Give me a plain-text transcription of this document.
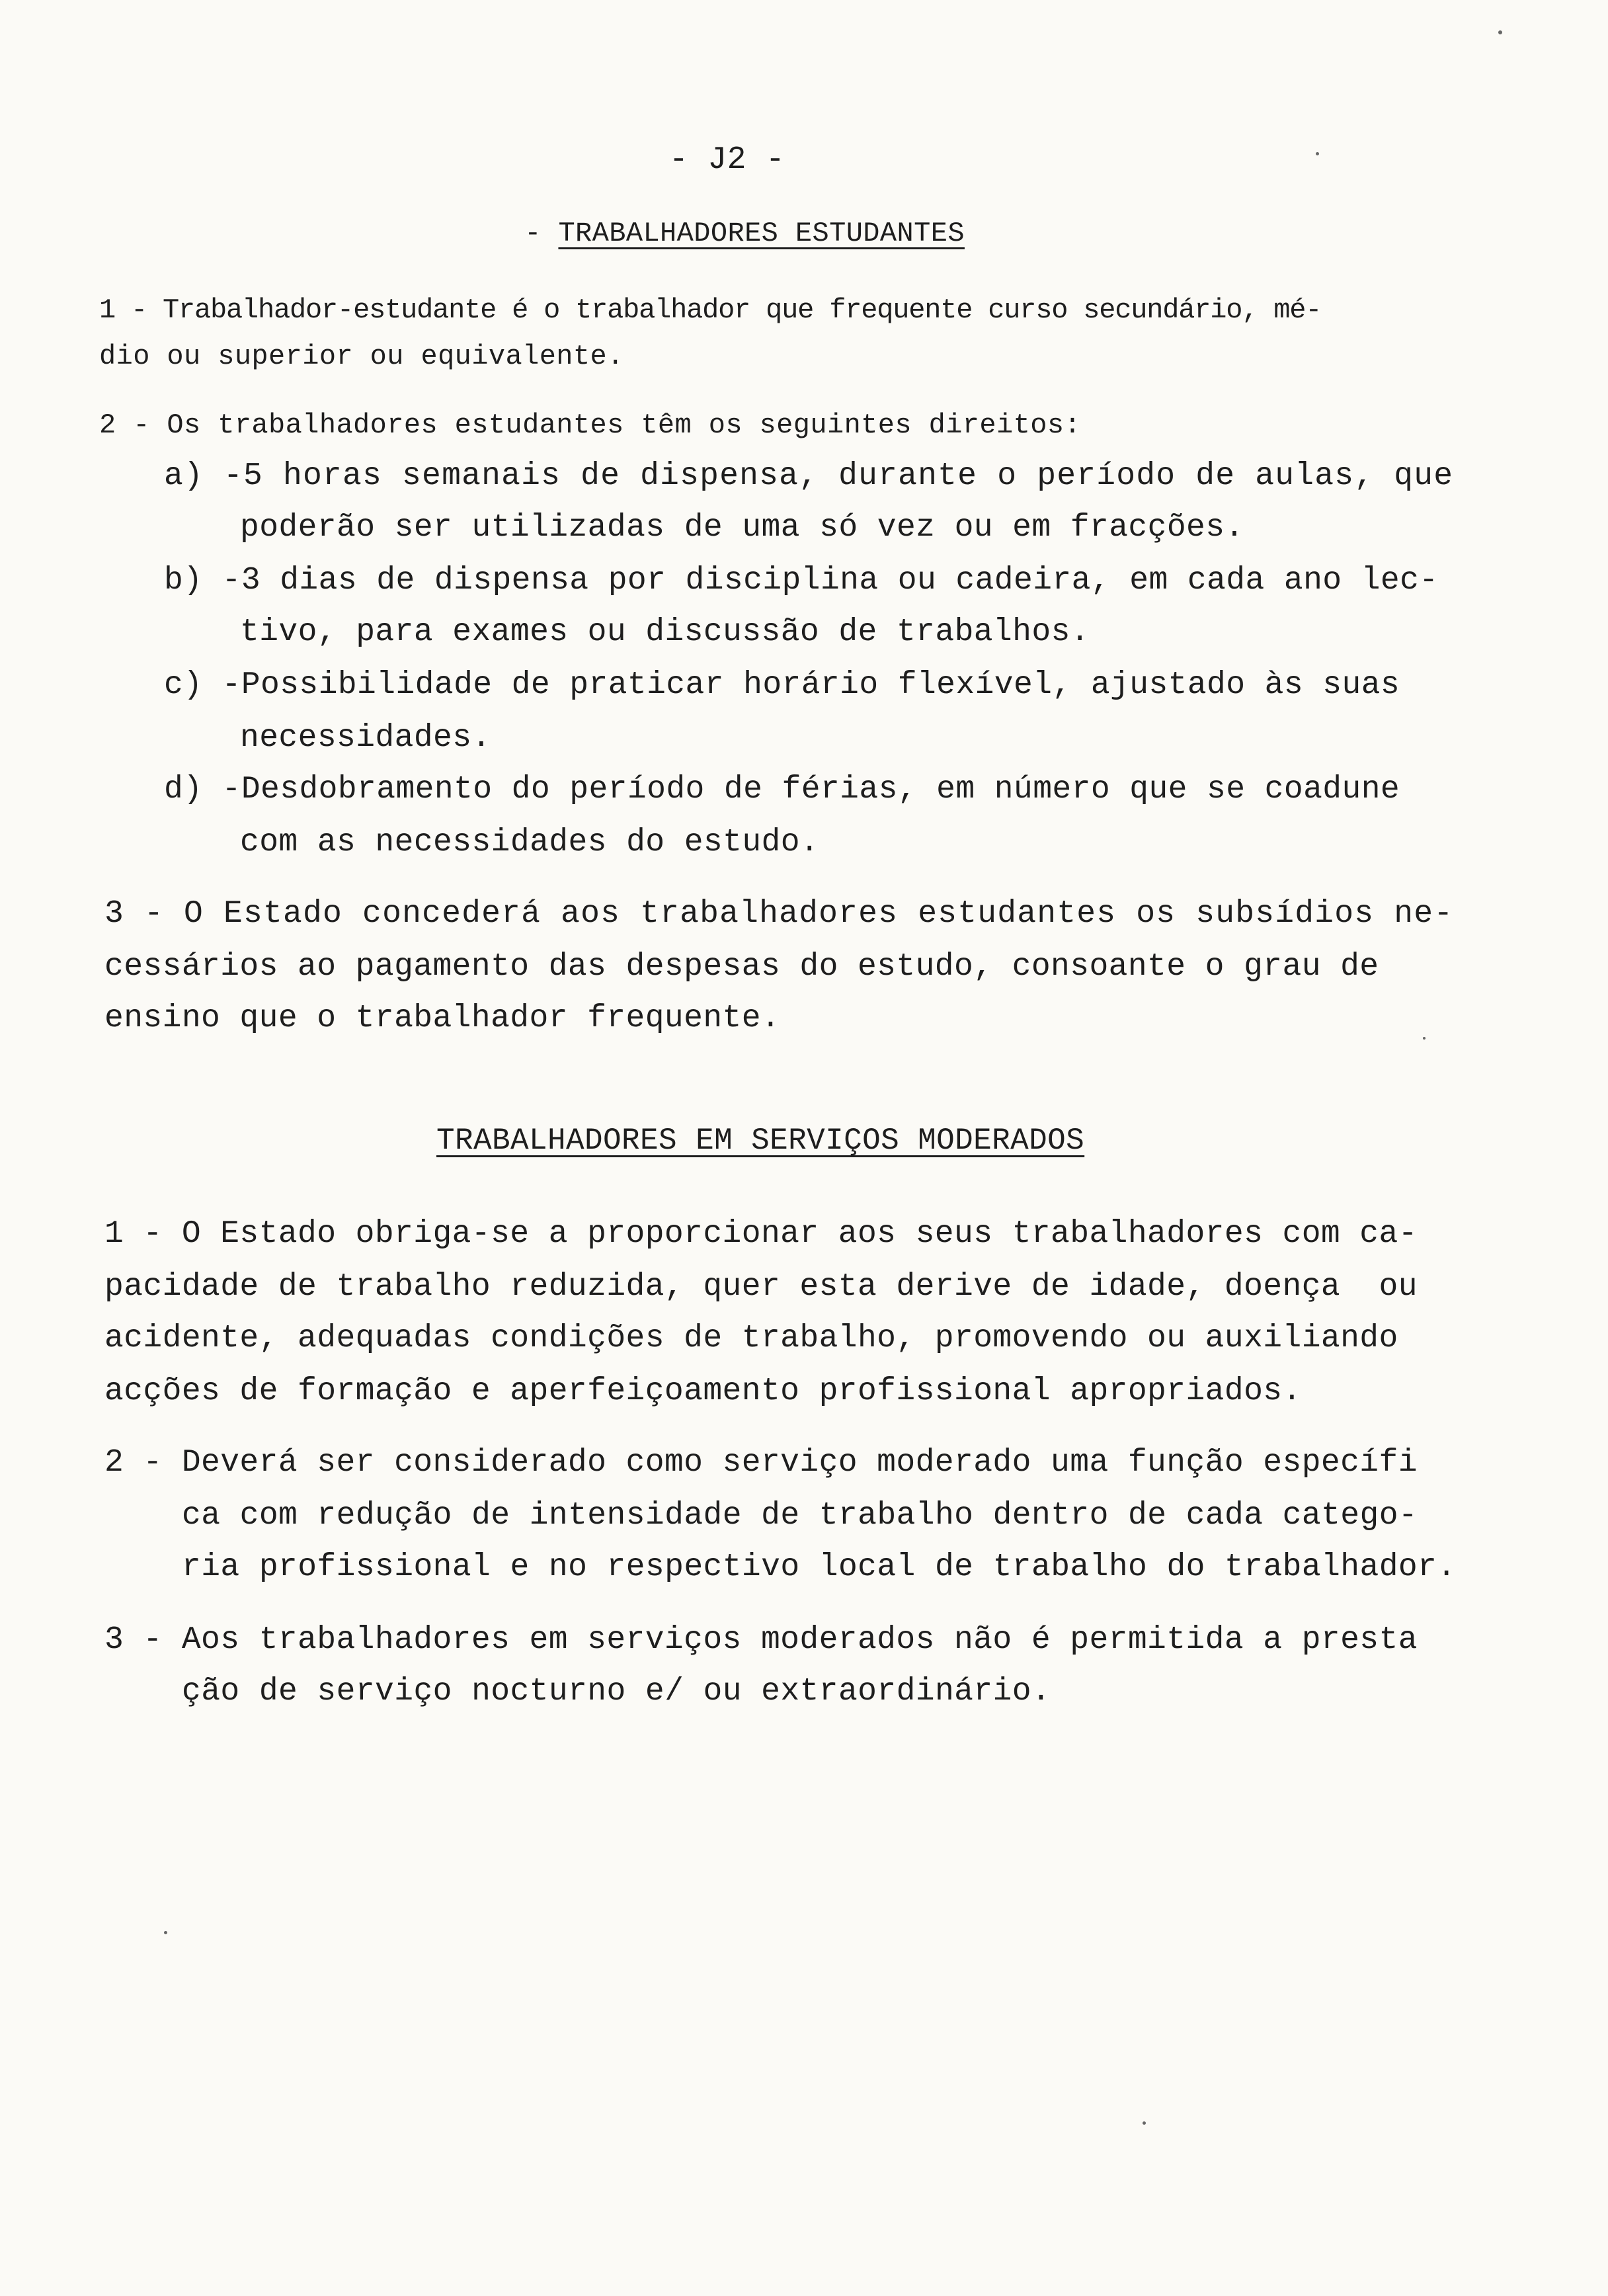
- J2 -

- TRABALHADORES ESTUDANTES

1 - Trabalhador-estudante é o trabalhador que frequente curso secundário, mé-
dio ou superior ou equivalente.
2 - Os trabalhadores estudantes têm os seguintes direitos:
a) -5 horas semanais de dispensa, durante o período de aulas, que
poderão ser utilizadas de uma só vez ou em fracções.
b) -3 dias de dispensa por disciplina ou cadeira, em cada ano lec-
tivo, para exames ou discussão de trabalhos.
c) -Possibilidade de praticar horário flexível, ajustado às suas
necessidades.
d) -Desdobramento do período de férias, em número que se coadune
com as necessidades do estudo.
3 - O Estado concederá aos trabalhadores estudantes os subsídios ne-
cessários ao pagamento das despesas do estudo, consoante o grau de
ensino que o trabalhador frequente.
TRABALHADORES EM SERVIÇOS MODERADOS
1 - O Estado obriga-se a proporcionar aos seus trabalhadores com ca-
pacidade de trabalho reduzida, quer esta derive de idade, doença  ou
acidente, adequadas condições de trabalho, promovendo ou auxiliando
acções de formação e aperfeiçoamento profissional apropriados.
2 - Deverá ser considerado como serviço moderado uma função específi
ca com redução de intensidade de trabalho dentro de cada catego-
ria profissional e no respectivo local de trabalho do trabalhador.
3 - Aos trabalhadores em serviços moderados não é permitida a presta
ção de serviço nocturno e/ ou extraordinário.
